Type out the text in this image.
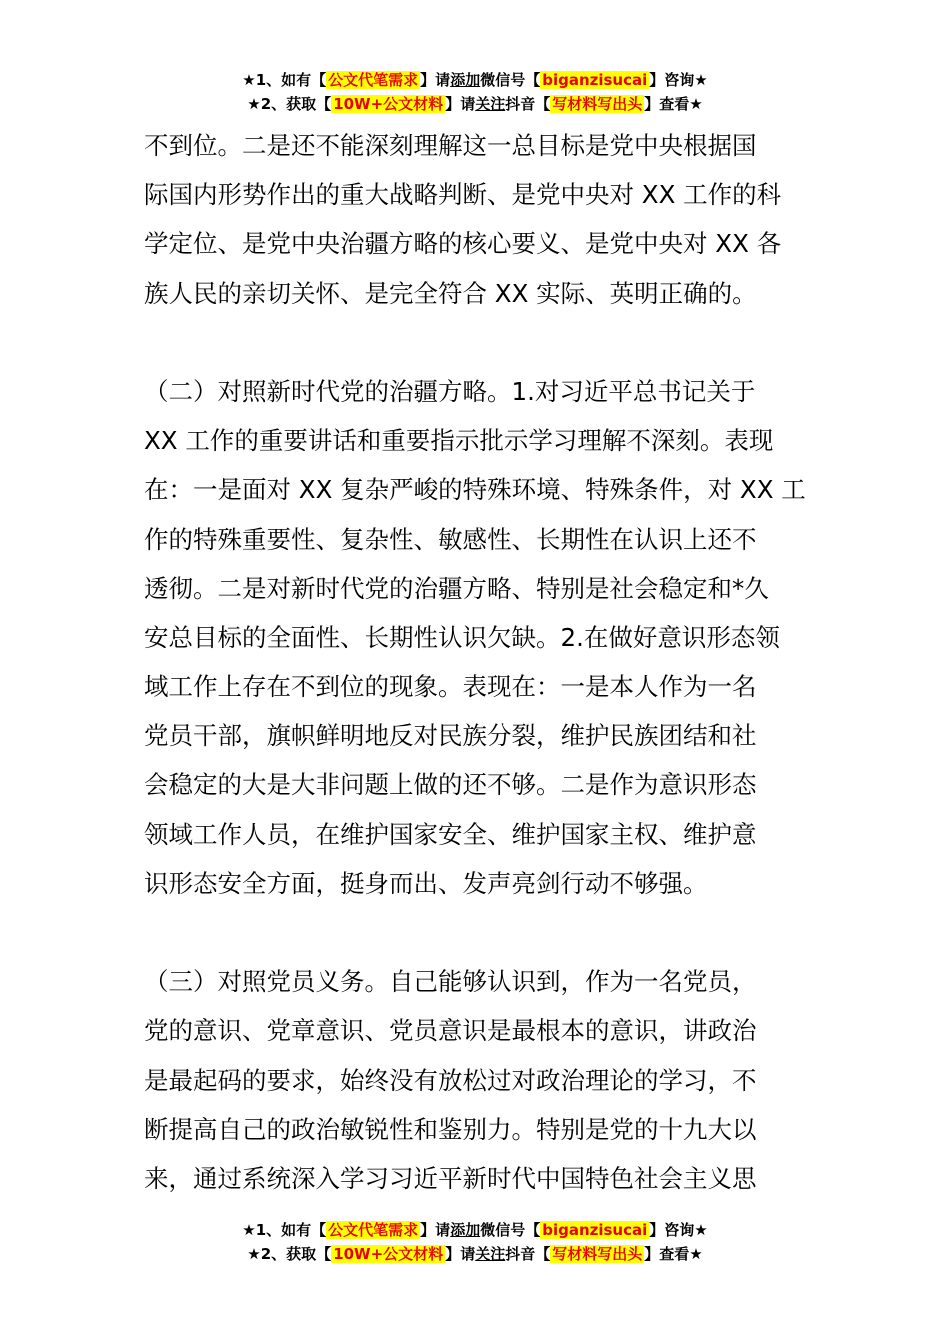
★1、如有【 公文代笔需求 】请添加微信号【 biganzisucai 】咨询★
★2、获取【 10W+公文材料 】请关注抖音【 写材料写出头 】查看★
不到位。二是还不能深刻理解这一总目标是党中央根据国
际国内形势作出的重大战略判断、是党中央对 XX 工作的科
学定位、是党中央治疆方略的核心要义、是党中央对 XX 各
族人民的亲切关怀、是完全符合 XX 实际、英明正确的。
（二）对照新时代党的治疆方略。1.对习近平总书记关于
XX 工作的重要讲话和重要指示批示学习理解不深刻。表现
在：一是面对 XX 复杂严峻的特殊环境、特殊条件，对 XX 工
作的特殊重要性、复杂性、敏感性、长期性在认识上还不
透彻。二是对新时代党的治疆方略、特别是社会稳定和*久
安总目标的全面性、长期性认识欠缺。2.在做好意识形态领
域工作上存在不到位的现象。表现在：一是本人作为一名
党员干部，旗帜鲜明地反对民族分裂，维护民族团结和社
会稳定的大是大非问题上做的还不够。二是作为意识形态
领域工作人员，在维护国家安全、维护国家主权、维护意
识形态安全方面，挺身而出、发声亮剑行动不够强。
（三）对照党员义务。自己能够认识到，作为一名党员，
党的意识、党章意识、党员意识是最根本的意识，讲政治
是最起码的要求，始终没有放松过对政治理论的学习，不
断提高自己的政治敏锐性和鉴别力。特别是党的十九大以
来，通过系统深入学习习近平新时代中国特色社会主义思
★1、如有【 公文代笔需求 】请添加微信号【 biganzisucai 】咨询★
★2、获取【 10W+公文材料 】请关注抖音【 写材料写出头 】查看★
